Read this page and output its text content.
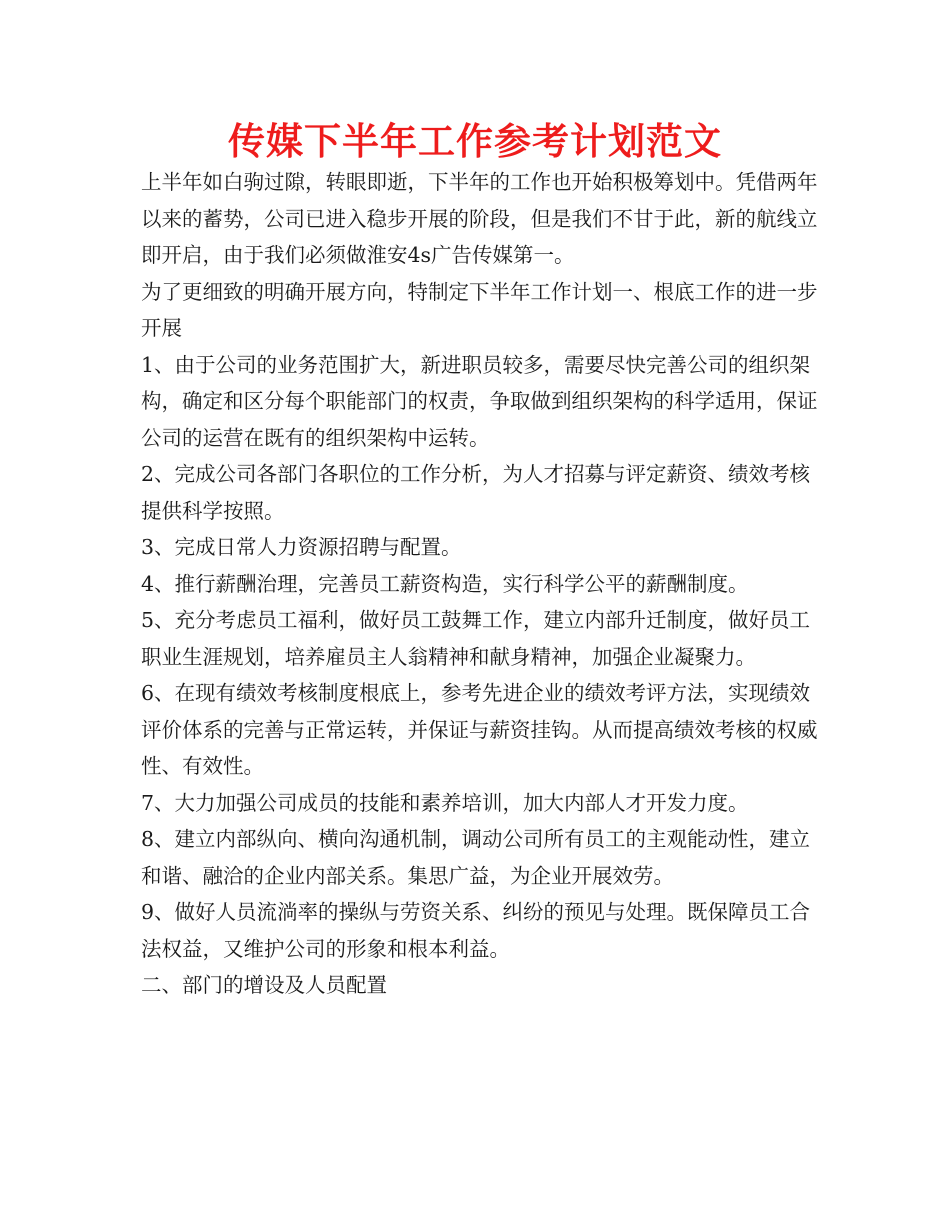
传媒下半年工作参考计划范文

上半年如白驹过隙，转眼即逝，下半年的工作也开始积极筹划中。凭借两年以来的蓄势，公司已进入稳步开展的阶段，但是我们不甘于此，新的航线立即开启，由于我们必须做淮安4s广告传媒第一。

为了更细致的明确开展方向，特制定下半年工作计划一、根底工作的进一步开展

1、由于公司的业务范围扩大，新进职员较多，需要尽快完善公司的组织架构，确定和区分每个职能部门的权责，争取做到组织架构的科学适用，保证公司的运营在既有的组织架构中运转。

2、完成公司各部门各职位的工作分析，为人才招募与评定薪资、绩效考核提供科学按照。

3、完成日常人力资源招聘与配置。

4、推行薪酬治理，完善员工薪资构造，实行科学公平的薪酬制度。

5、充分考虑员工福利，做好员工鼓舞工作，建立内部升迁制度，做好员工职业生涯规划，培养雇员主人翁精神和献身精神，加强企业凝聚力。

6、在现有绩效考核制度根底上，参考先进企业的绩效考评方法，实现绩效评价体系的完善与正常运转，并保证与薪资挂钩。从而提高绩效考核的权威性、有效性。

7、大力加强公司成员的技能和素养培训，加大内部人才开发力度。

8、建立内部纵向、横向沟通机制，调动公司所有员工的主观能动性，建立和谐、融洽的企业内部关系。集思广益，为企业开展效劳。

9、做好人员流淌率的操纵与劳资关系、纠纷的预见与处理。既保障员工合法权益，又维护公司的形象和根本利益。

二、部门的增设及人员配置
